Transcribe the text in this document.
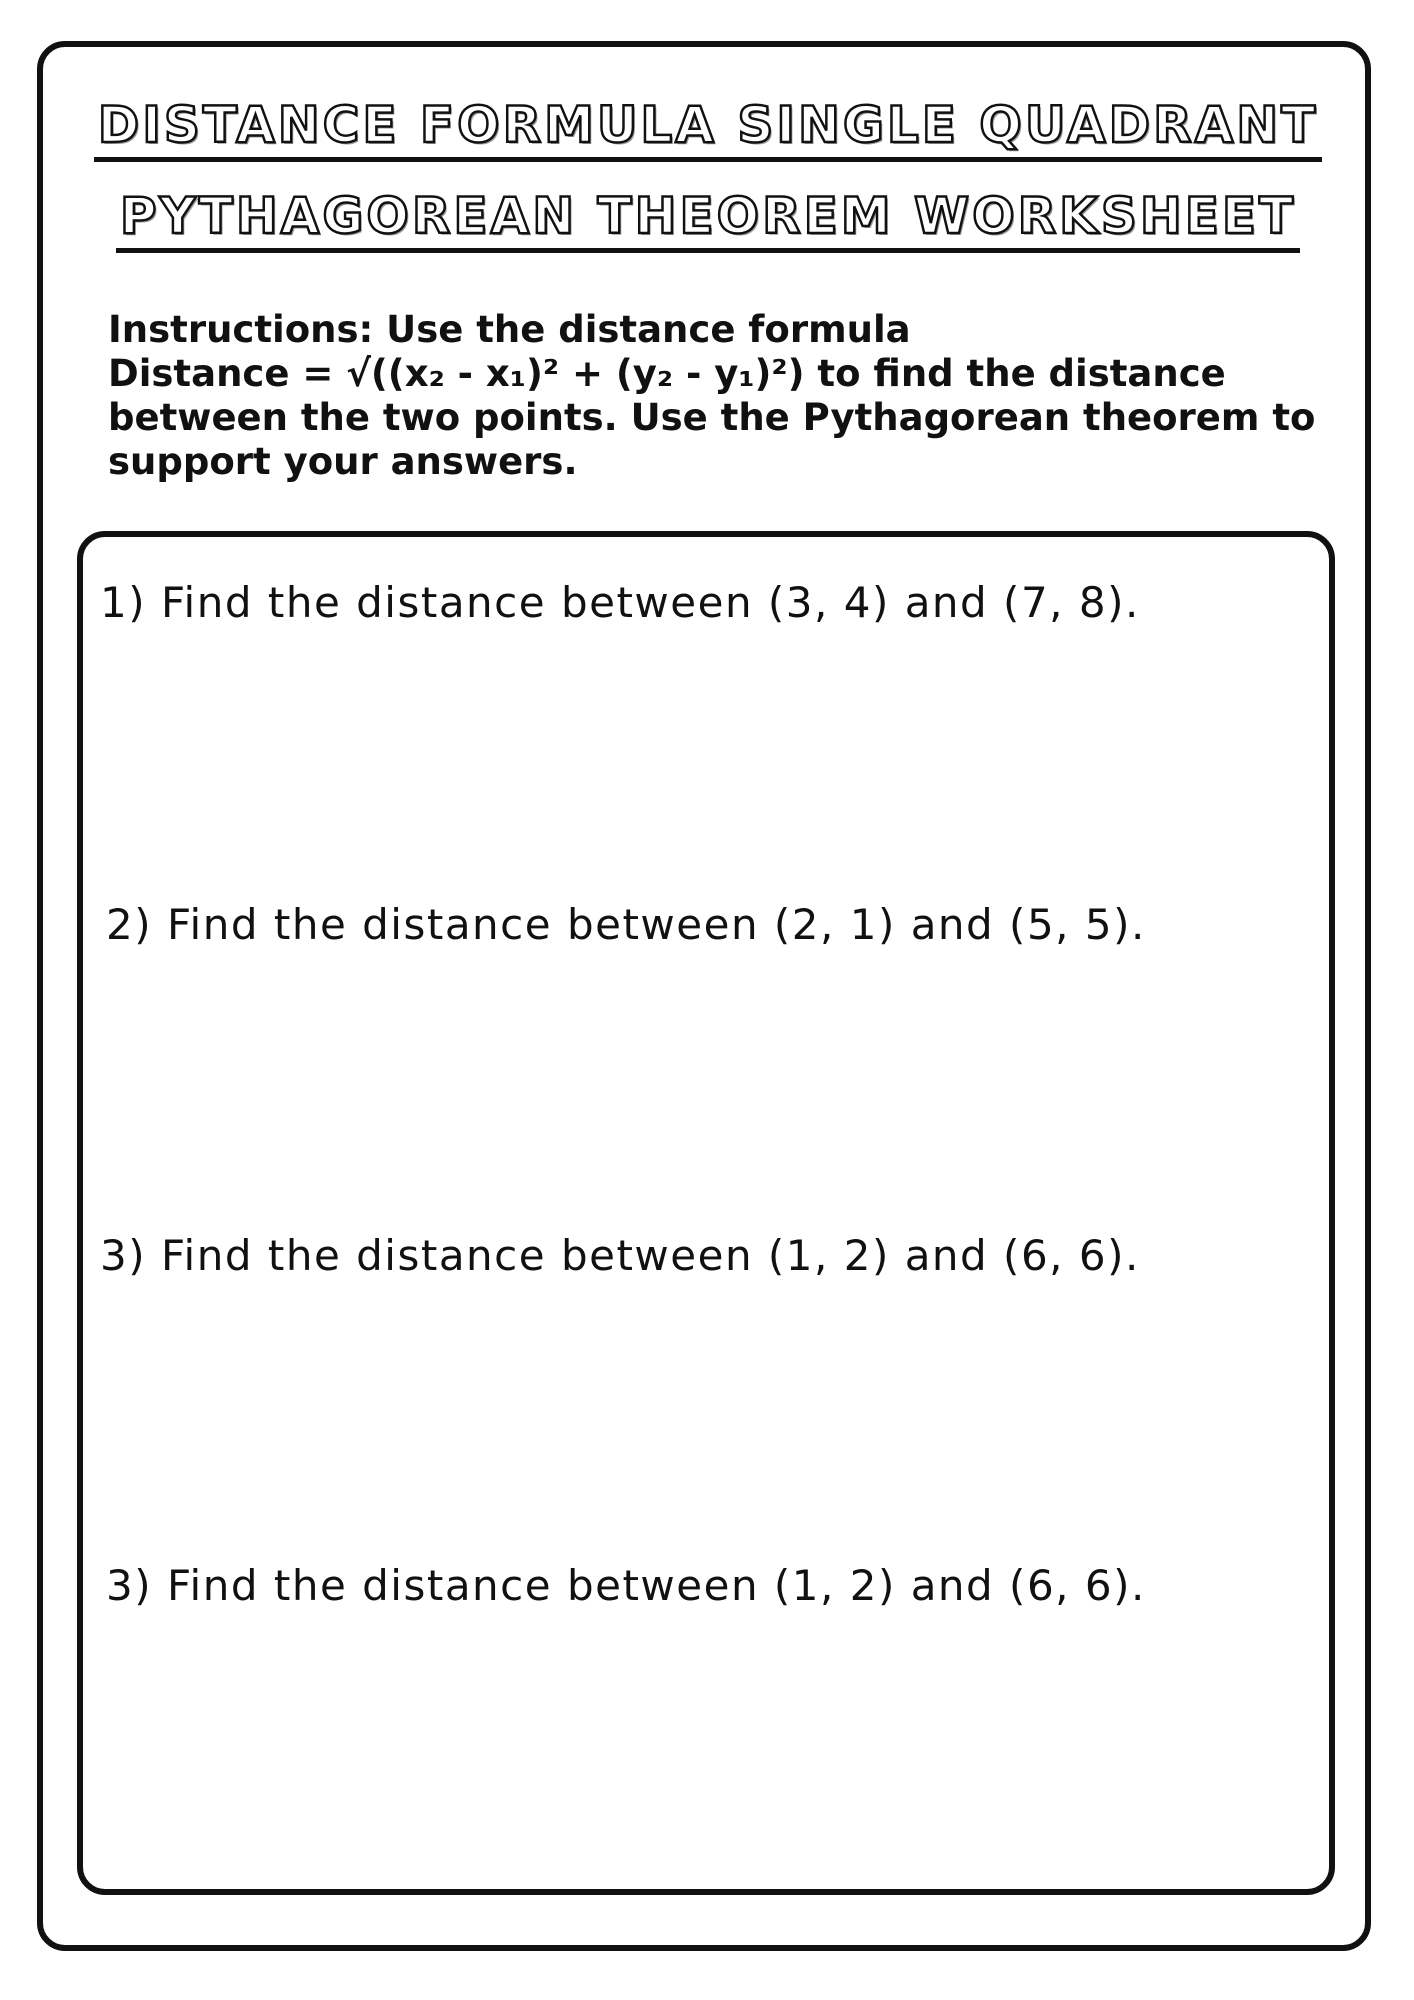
DISTANCE FORMULA SINGLE QUADRANT
PYTHAGOREAN THEOREM WORKSHEET
Instructions: Use the distance formula
Distance = √((x₂ - x₁)² + (y₂ - y₁)²) to find the distance
between the two points. Use the Pythagorean theorem to
support your answers.
1) Find the distance between (3, 4) and (7, 8).
2) Find the distance between (2, 1) and (5, 5).
3) Find the distance between (1, 2) and (6, 6).
3) Find the distance between (1, 2) and (6, 6).
